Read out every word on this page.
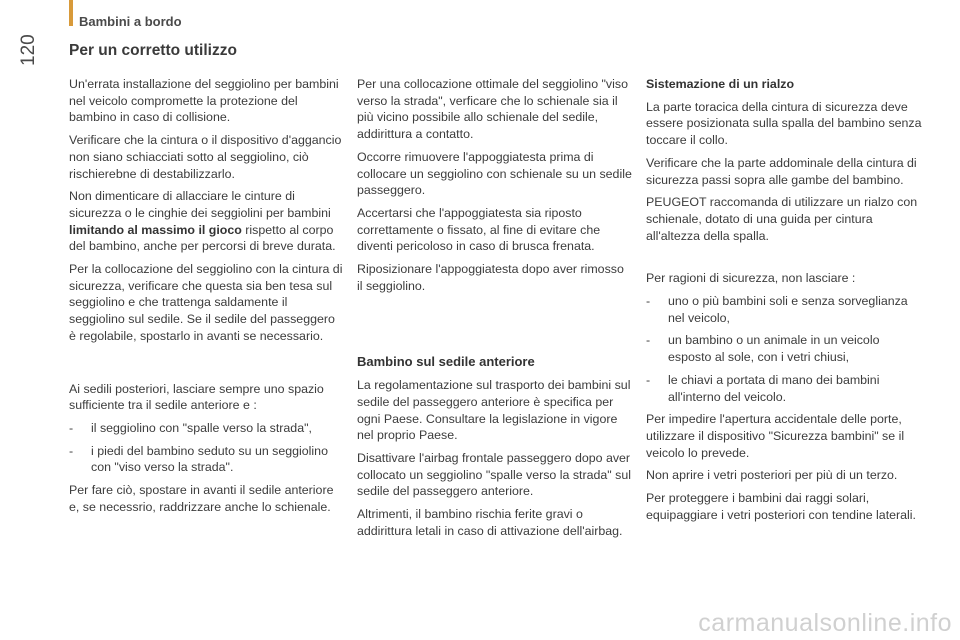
Bambini a bordo
120 Per un corretto utilizzo

Un'errata installazione del seggiolino per bambini nel veicolo compromette la protezione del bambino in caso di collisione.

Verificare che la cintura o il dispositivo d'aggancio non siano schiacciati sotto al seggiolino, ciò rischierebne di destabilizzarlo.

Non dimenticare di allacciare le cinture di sicurezza o le cinghie dei seggiolini per bambini limitando al massimo il gioco rispetto al corpo del bambino, anche per percorsi di breve durata.

Per la collocazione del seggiolino con la cintura di sicurezza, verificare che questa sia ben tesa sul seggiolino e che trattenga saldamente il seggiolino sul sedile. Se il sedile del passeggero è regolabile, spostarlo in avanti se necessario.

Ai sedili posteriori, lasciare sempre uno spazio sufficiente tra il sedile anteriore e :

-	il seggiolino con "spalle verso la strada",
-	i piedi del bambino seduto su un seggiolino con "viso verso la strada".

Per fare ciò, spostare in avanti il sedile anteriore e, se necessrio, raddrizzare anche lo schienale.

Per una collocazione ottimale del seggiolino "viso verso la strada", verficare che lo schienale sia il più vicino possibile allo schienale del sedile, addirittura a contatto.

Occorre rimuovere l'appoggiatesta prima di collocare un seggiolino con schienale su un sedile passeggero.

Accertarsi che l'appoggiatesta sia riposto correttamente o fissato, al fine di evitare che diventi pericoloso in caso di brusca frenata.

Riposizionare l'appoggiatesta dopo aver rimosso il seggiolino.

Bambino sul sedile anteriore

La regolamentazione sul trasporto dei bambini sul sedile del passeggero anteriore è specifica per ogni Paese. Consultare la legislazione in vigore nel proprio Paese.

Disattivare l'airbag frontale passeggero dopo aver collocato un seggiolino "spalle verso la strada" sul sedile del passeggero anteriore.

Altrimenti, il bambino rischia ferite gravi o addirittura letali in caso di attivazione dell'airbag.

Sistemazione di un rialzo

La parte toracica della cintura di sicurezza deve essere posizionata sulla spalla del bambino senza toccare il collo.

Verificare che la parte addominale della cintura di sicurezza passi sopra alle gambe del bambino.

PEUGEOT raccomanda di utilizzare un rialzo con schienale, dotato di una guida per cintura all'altezza della spalla.

Per ragioni di sicurezza, non lasciare :

-	uno o più bambini soli e senza sorveglianza nel veicolo,
-	un bambino o un animale in un veicolo esposto al sole, con i vetri chiusi,
-	le chiavi a portata di mano dei bambini all'interno del veicolo.

Per impedire l'apertura accidentale delle porte, utilizzare il dispositivo "Sicurezza bambini" se il veicolo lo prevede.

Non aprire i vetri posteriori per più di un terzo.

Per proteggere i bambini dai raggi solari, equipaggiare i vetri posteriori con tendine laterali.

carmanualsonline.info
